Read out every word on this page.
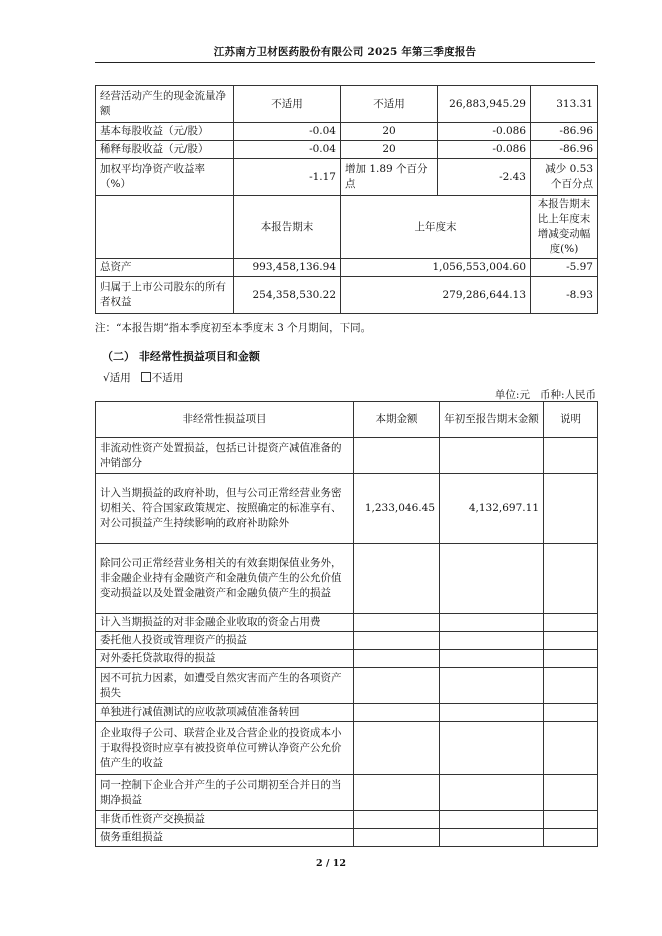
江苏南方卫材医药股份有限公司 2025 年第三季度报告
经营活动产生的现金流量净额	不适用	不适用	26,883,945.29	313.31
基本每股收益（元/股）	-0.04	20	-0.086	-86.96
稀释每股收益（元/股）	-0.04	20	-0.086	-86.96
加权平均净资产收益率（%）	-1.17	增加 1.89 个百分点	-2.43	减少 0.53 个百分点
	本报告期末	上年度末		本报告期末比上年度末增减变动幅度(%)
总资产	993,458,136.94	1,056,553,004.60		-5.97
归属于上市公司股东的所有者权益	254,358,530.22	279,286,644.13		-8.93
注：“本报告期”指本季度初至本季度末 3 个月期间，下同。
（二） 非经常性损益项目和金额
√适用 不适用
单位:元   币种:人民币
非经常性损益项目	本期金额	年初至报告期末金额	说明
非流动性资产处置损益，包括已计提资产减值准备的冲销部分			
计入当期损益的政府补助，但与公司正常经营业务密切相关、符合国家政策规定、按照确定的标准享有、对公司损益产生持续影响的政府补助除外	1,233,046.45	4,132,697.11	
除同公司正常经营业务相关的有效套期保值业务外，非金融企业持有金融资产和金融负债产生的公允价值变动损益以及处置金融资产和金融负债产生的损益			
计入当期损益的对非金融企业收取的资金占用费			
委托他人投资或管理资产的损益			
对外委托贷款取得的损益			
因不可抗力因素，如遭受自然灾害而产生的各项资产损失			
单独进行减值测试的应收款项减值准备转回			
企业取得子公司、联营企业及合营企业的投资成本小于取得投资时应享有被投资单位可辨认净资产公允价值产生的收益			
同一控制下企业合并产生的子公司期初至合并日的当期净损益			
非货币性资产交换损益			
债务重组损益			
2 / 12
